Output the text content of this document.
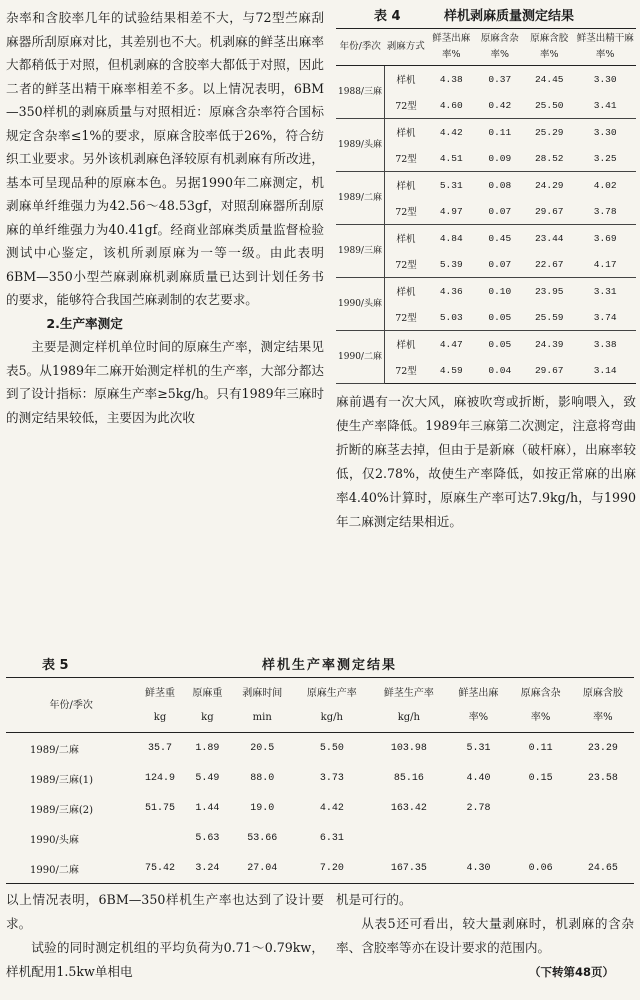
杂率和含胶率几年的试验结果相差不大，与72型苎麻刮麻器所刮原麻对比，其差别也不大。机剥麻的鲜茎出麻率大都稍低于对照，但机剥麻的含胶率大都低于对照，因此二者的鲜茎出精干麻率相差不多。以上情况表明，6BM—350样机的剥麻质量与对照相近：原麻含杂率符合国标规定含杂率≤1%的要求，原麻含胶率低于26%，符合纺织工业要求。另外该机剥麻色泽较原有机剥麻有所改进，基本可呈现品种的原麻本色。另据1990年二麻测定，机剥麻单纤维强力为42.56～48.53gf，对照刮麻器所刮原麻的单纤维强力为40.41gf。经商业部麻类质量监督检验测试中心鉴定，该机所剥原麻为一等一级。由此表明6BM—350小型苎麻剥麻机剥麻质量已达到计划任务书的要求，能够符合我国苎麻剥制的农艺要求。

2.生产率测定

主要是测定样机单位时间的原麻生产率，测定结果见表5。从1989年二麻开始测定样机的生产率，大部分都达到了设计指标：原麻生产率≥5kg/h。只有1989年三麻时的测定结果较低，主要因为此次收

表 4	样机剥麻质量测定结果
年份/季次	剥麻方式	鲜茎出麻率%	原麻含杂率%	原麻含胶率%	鲜茎出精干麻率%
1988/三麻	样机	4.38	0.37	24.45	3.30
	72型	4.60	0.42	25.50	3.41
1989/头麻	样机	4.42	0.11	25.29	3.30
	72型	4.51	0.09	28.52	3.25
1989/二麻	样机	5.31	0.08	24.29	4.02
	72型	4.97	0.07	29.67	3.78
1989/三麻	样机	4.84	0.45	23.44	3.69
	72型	5.39	0.07	22.67	4.17
1990/头麻	样机	4.36	0.10	23.95	3.31
	72型	5.03	0.05	25.59	3.74
1990/二麻	样机	4.47	0.05	24.39	3.38
	72型	4.59	0.04	29.67	3.14

麻前遇有一次大风，麻被吹弯或折断，影响喂入，致使生产率降低。1989年三麻第二次测定，注意将弯曲折断的麻茎去掉，但由于是新麻（破杆麻），出麻率较低，仅2.78%，故使生产率降低，如按正常麻的出麻率4.40%计算时，原麻生产率可达7.9kg/h，与1990年二麻测定结果相近。

表 5	样机生产率测定结果
年份/季次	鲜茎重
kg	原麻重
kg	剥麻时间
min	原麻生产率
kg/h	鲜茎生产率
kg/h	鲜茎出麻
率%	原麻含杂
率%	原麻含胶
率%

1989/二麻	35.7	1.89	20.5	5.50	103.98	5.31	0.11	23.29
1989/三麻(1)	124.9	5.49	88.0	3.73	85.16	4.40	0.15	23.58
1989/三麻(2)	51.75	1.44	19.0	4.42	163.42	2.78		
1990/头麻		5.63	53.66	6.31				
1990/二麻	75.42	3.24	27.04	7.20	167.35	4.30	0.06	24.65

以上情况表明，6BM—350样机生产率也达到了设计要求。

试验的同时测定机组的平均负荷为0.71～0.79kw，样机配用1.5kw单相电

机是可行的。

从表5还可看出，较大量剥麻时，机剥麻的含杂率、含胶率等亦在设计要求的范围内。

（下转第48页）
